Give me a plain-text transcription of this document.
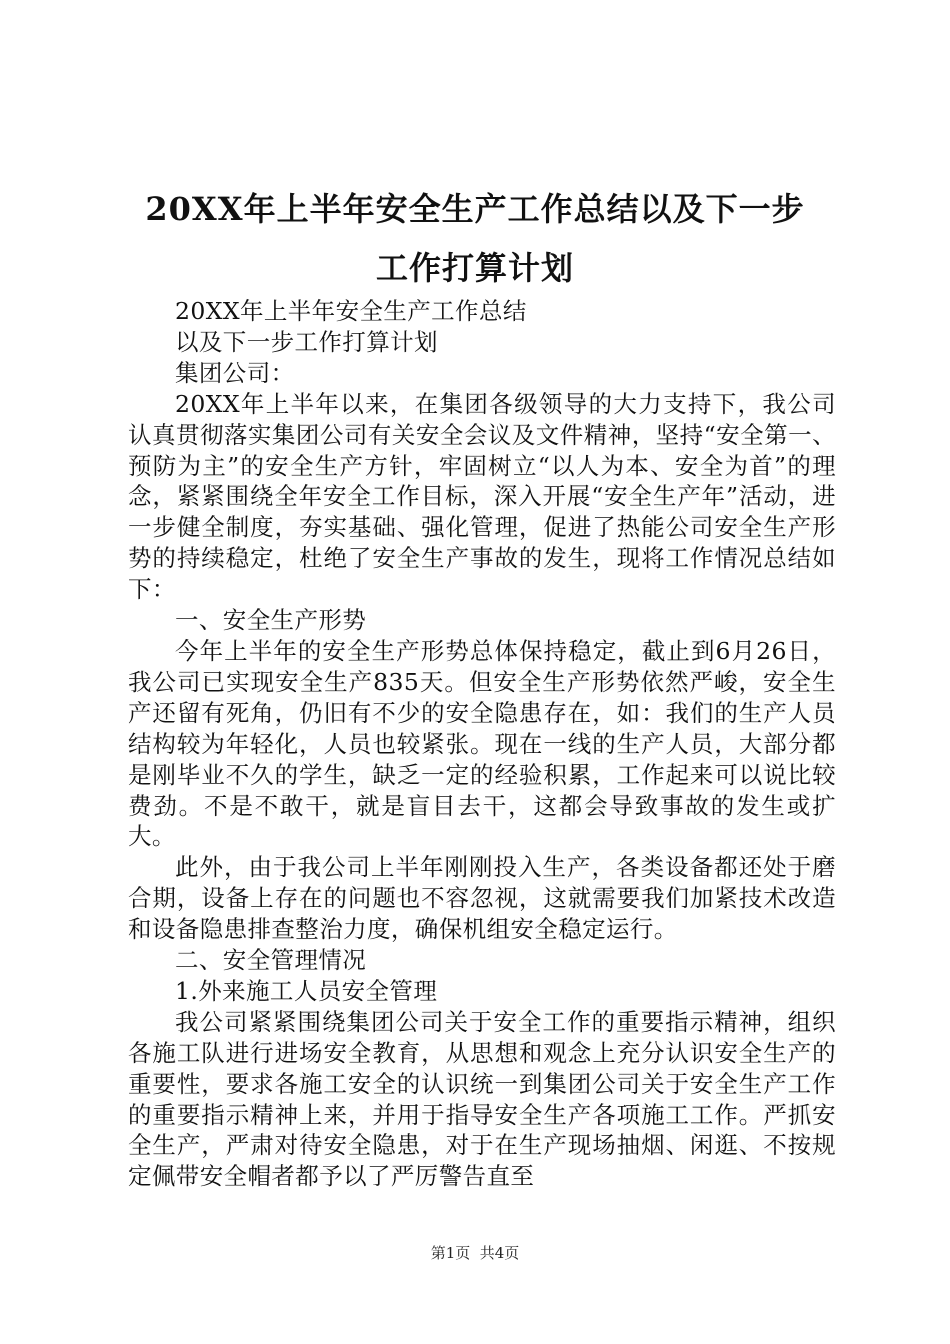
20XX年上半年安全生产工作总结以及下一步
工作打算计划

20XX年上半年安全生产工作总结

以及下一步工作打算计划

集团公司：

20XX年上半年以来，在集团各级领导的大力支持下，我公司认真贯彻落实集团公司有关安全会议及文件精神，坚持“安全第一、预防为主”的安全生产方针，牢固树立“以人为本、安全为首”的理念，紧紧围绕全年安全工作目标，深入开展“安全生产年”活动，进一步健全制度，夯实基础、强化管理，促进了热能公司安全生产形势的持续稳定，杜绝了安全生产事故的发生，现将工作情况总结如下：

一、安全生产形势

今年上半年的安全生产形势总体保持稳定，截止到6月26日，我公司已实现安全生产835天。但安全生产形势依然严峻，安全生产还留有死角，仍旧有不少的安全隐患存在，如：我们的生产人员结构较为年轻化，人员也较紧张。现在一线的生产人员，大部分都是刚毕业不久的学生，缺乏一定的经验积累，工作起来可以说比较费劲。不是不敢干，就是盲目去干，这都会导致事故的发生或扩大。

此外，由于我公司上半年刚刚投入生产，各类设备都还处于磨合期，设备上存在的问题也不容忽视，这就需要我们加紧技术改造和设备隐患排查整治力度，确保机组安全稳定运行。

二、安全管理情况

1.外来施工人员安全管理

我公司紧紧围绕集团公司关于安全工作的重要指示精神，组织各施工队进行进场安全教育，从思想和观念上充分认识安全生产的重要性，要求各施工安全的认识统一到集团公司关于安全生产工作的重要指示精神上来，并用于指导安全生产各项施工工作。严抓安全生产，严肃对待安全隐患，对于在生产现场抽烟、闲逛、不按规定佩带安全帽者都予以了严厉警告直至

第1页  共4页
